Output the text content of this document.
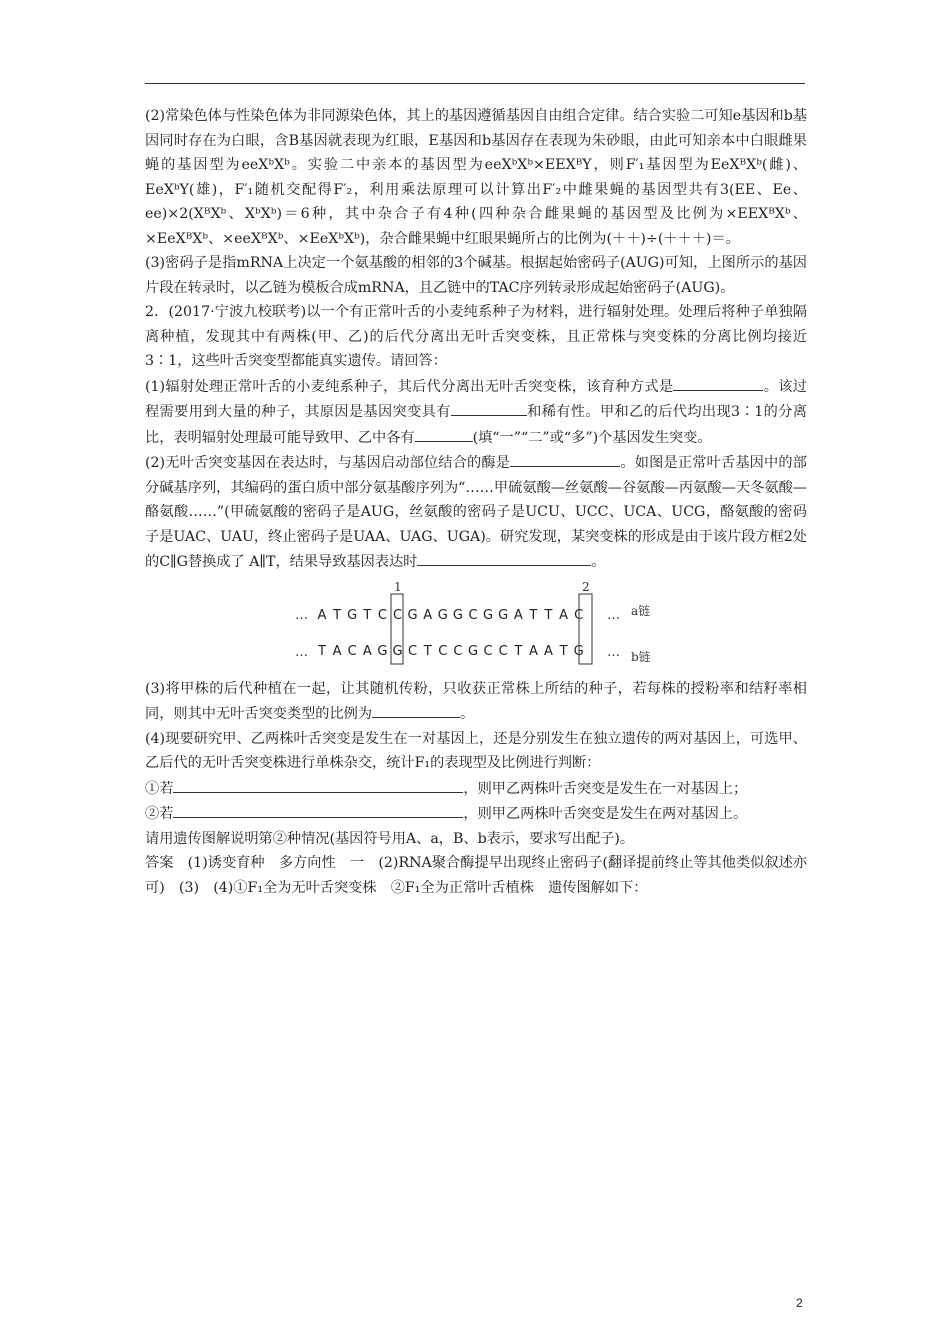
(2)常染色体与性染色体为非同源染色体，其上的基因遵循基因自由组合定律。结合实验二可知e基因和b基因同时存在为白眼，含B基因就表现为红眼，E基因和b基因存在表现为朱砂眼，由此可知亲本中白眼雌果蝇的基因型为eeXᵇXᵇ。实验二中亲本的基因型为eeXᵇXᵇ×EEXᴮY，则F′₁基因型为EeXᴮXᵇ(雌)、EeXᵇY(雄)，F′₁随机交配得F′₂，利用乘法原理可以计算出F′₂中雌果蝇的基因型共有3(EE、Ee、ee)×2(XᴮXᵇ、XᵇXᵇ)＝6种，其中杂合子有4种(四种杂合雌果蝇的基因型及比例为×EEXᴮXᵇ、×EeXᴮXᵇ、×eeXᴮXᵇ、×EeXᵇXᵇ)，杂合雌果蝇中红眼果蝇所占的比例为(＋＋)÷(＋＋＋)＝。

(3)密码子是指mRNA上决定一个氨基酸的相邻的3个碱基。根据起始密码子(AUG)可知，上图所示的基因片段在转录时，以乙链为模板合成mRNA，且乙链中的TAC序列转录形成起始密码子(AUG)。

2．(2017·宁波九校联考)以一个有正常叶舌的小麦纯系种子为材料，进行辐射处理。处理后将种子单独隔离种植，发现其中有两株(甲、乙)的后代分离出无叶舌突变株，且正常株与突变株的分离比例均接近3∶1，这些叶舌突变型都能真实遗传。请回答：

(1)辐射处理正常叶舌的小麦纯系种子，其后代分离出无叶舌突变株，该育种方式是	。该过程需要用到大量的种子，其原因是基因突变具有	和稀有性。甲和乙的后代均出现3∶1的分离比，表明辐射处理最可能导致甲、乙中各有	(填“一”“二”或“多”)个基因发生突变。

(2)无叶舌突变基因在表达时，与基因启动部位结合的酶是	。如图是正常叶舌基因中的部分碱基序列，其编码的蛋白质中部分氨基酸序列为“……甲硫氨酸—丝氨酸—谷氨酸—丙氨酸—天冬氨酸—酪氨酸……”(甲硫氨酸的密码子是AUG，丝氨酸的密码子是UCU、UCC、UCA、UCG，酪氨酸的密码子是UAC、UAU，终止密码子是UAA、UAG、UGA)。研究发现，某突变株的形成是由于该片段方框2处的C∥G替换成了 A∥T，结果导致基因表达时	。

…
…
A T G T C C G A G G C G G A T T A C
T A C A G G C T C C G C C T A A T G
1	2
…
…
a链
b链

(3)将甲株的后代种植在一起，让其随机传粉，只收获正常株上所结的种子，若每株的授粉率和结籽率相同，则其中无叶舌突变类型的比例为	。

(4)现要研究甲、乙两株叶舌突变是发生在一对基因上，还是分别发生在独立遗传的两对基因上，可选甲、乙后代的无叶舌突变株进行单株杂交，统计F₁的表现型及比例进行判断：

①若	，则甲乙两株叶舌突变是发生在一对基因上；

②若	，则甲乙两株叶舌突变是发生在两对基因上。

请用遗传图解说明第②种情况(基因符号用A、a，B、b表示，要求写出配子)。

答案　(1)诱变育种　多方向性　一　(2)RNA聚合酶提早出现终止密码子(翻译提前终止等其他类似叙述亦可)　(3)　(4)①F₁全为无叶舌突变株　②F₁全为正常叶舌植株　遗传图解如下：

2
